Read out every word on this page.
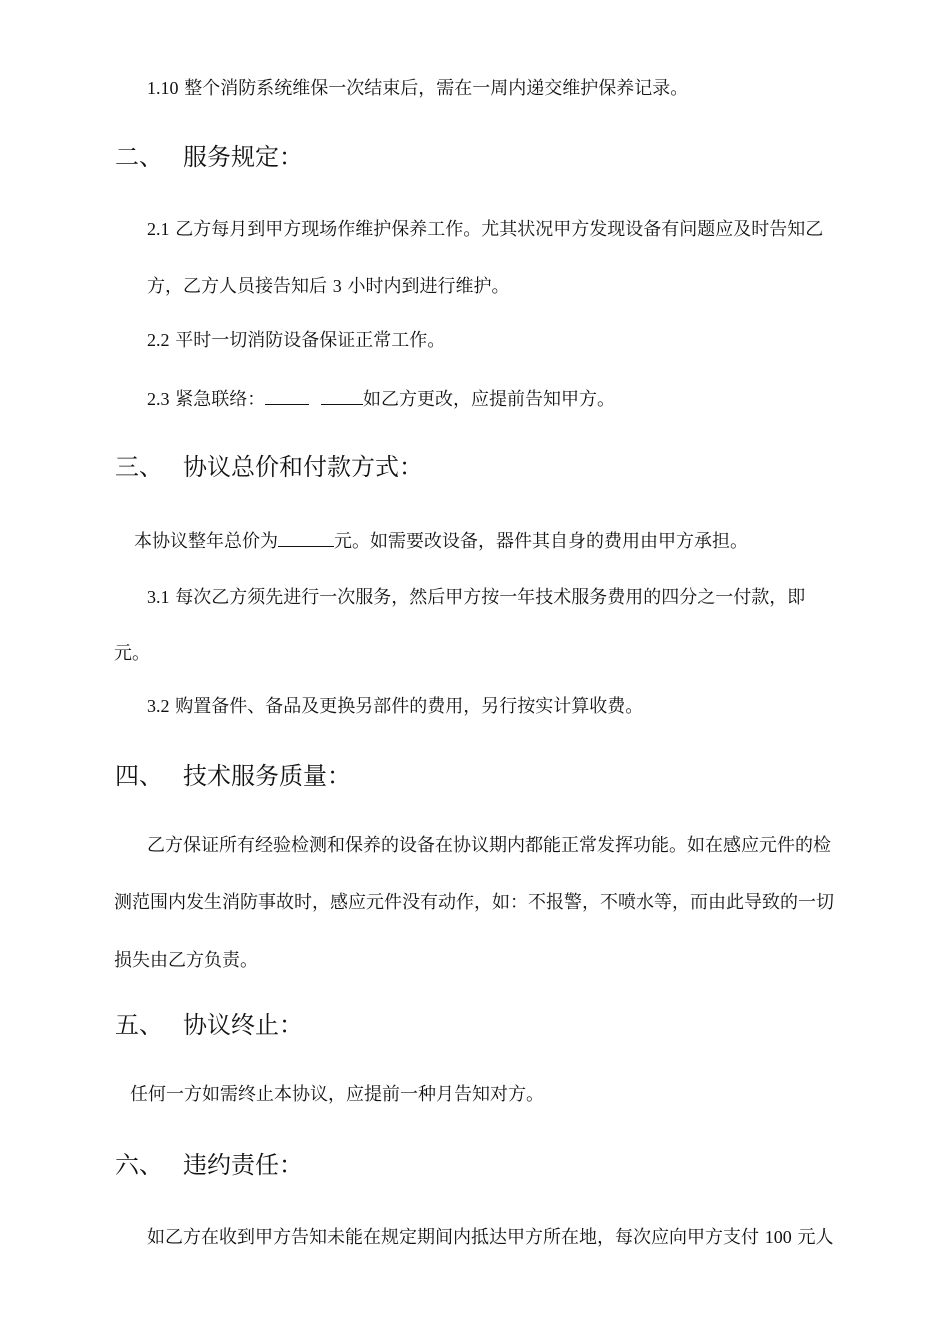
1.10 整个消防系统维保一次结束后，需在一周内递交维护保养记录。
二、 服务规定：
2.1 乙方每月到甲方现场作维护保养工作。尤其状况甲方发现设备有问题应及时告知乙
方，乙方人员接告知后 3 小时内到进行维护。
2.2 平时一切消防设备保证正常工作。
2.3 紧急联络：	如乙方更改，应提前告知甲方。
三、 协议总价和付款方式：
本协议整年总价为	元。如需要改设备，器件其自身的费用由甲方承担。
3.1 每次乙方须先进行一次服务，然后甲方按一年技术服务费用的四分之一付款，即
元。
3.2 购置备件、备品及更换另部件的费用，另行按实计算收费。
四、 技术服务质量：
乙方保证所有经验检测和保养的设备在协议期内都能正常发挥功能。如在感应元件的检
测范围内发生消防事故时，感应元件没有动作，如：不报警，不喷水等，而由此导致的一切
损失由乙方负责。
五、 协议终止：
任何一方如需终止本协议，应提前一种月告知对方。
六、 违约责任：
如乙方在收到甲方告知未能在规定期间内抵达甲方所在地，每次应向甲方支付 100 元人
